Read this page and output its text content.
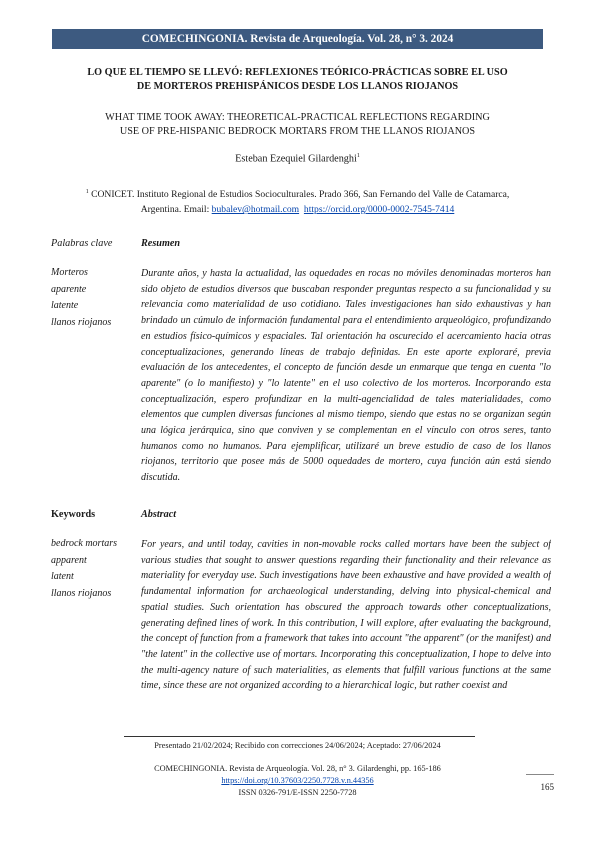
COMECHINGONIA. Revista de Arqueología. Vol. 28, n° 3. 2024
LO QUE EL TIEMPO SE LLEVÓ: REFLEXIONES TEÓRICO-PRÁCTICAS SOBRE EL USO
DE MORTEROS PREHISPÁNICOS DESDE LOS LLANOS RIOJANOS
WHAT TIME TOOK AWAY: THEORETICAL-PRACTICAL REFLECTIONS REGARDING
USE OF PRE-HISPANIC BEDROCK MORTARS FROM THE LLANOS RIOJANOS
Esteban Ezequiel Gilardenghi$^1$
$^1$ CONICET. Instituto Regional de Estudios Socioculturales. Prado 366, San Fernando del Valle de Catamarca,
Argentina. Email: bubalev@hotmail.com https://orcid.org/0000-0002-7545-7414
Palabras clave	Resumen
Morteros
aparente
latente
llanos riojanos
Durante años, y hasta la actualidad, las oquedades en rocas no móviles denominadas morteros han sido objeto de estudios diversos que buscaban responder preguntas respecto a su funcionalidad y su relevancia como materialidad de uso cotidiano. Tales investigaciones han sido exhaustivas y han brindado un cúmulo de información fundamental para el entendimiento arqueológico, profundizando en estudios físico-químicos y espaciales. Tal orientación ha oscurecido el acercamiento hacia otras conceptualizaciones, generando líneas de trabajo definidas. En este aporte exploraré, previa evaluación de los antecedentes, el concepto de función desde un enmarque que tenga en cuenta "lo aparente" (o lo manifiesto) y "lo latente" en el uso colectivo de los morteros. Incorporando esta conceptualización, espero profundizar en la multi-agencialidad de tales materialidades, como elementos que cumplen diversas funciones al mismo tiempo, siendo que estas no se organizan según una lógica jerárquica, sino que conviven y se complementan en el vínculo con otros seres, tanto humanos como no humanos. Para ejemplificar, utilizaré un breve estudio de caso de los llanos riojanos, territorio que posee más de 5000 oquedades de mortero, cuya función aún está siendo discutida.
Keywords	Abstract
bedrock mortars
apparent
latent
llanos riojanos
For years, and until today, cavities in non-movable rocks called mortars have been the subject of various studies that sought to answer questions regarding their functionality and their relevance as materiality for everyday use. Such investigations have been exhaustive and have provided a wealth of fundamental information for archaeological understanding, delving into physical-chemical and spatial studies. Such orientation has obscured the approach towards other conceptualizations, generating defined lines of work. In this contribution, I will explore, after evaluating the background, the concept of function from a framework that takes into account "the apparent" (or the manifest) and "the latent" in the collective use of mortars. Incorporating this conceptualization, I hope to delve into the multi-agency nature of such materialities, as elements that fulfill various functions at the same time, since these are not organized according to a hierarchical logic, but rather coexist and
Presentado 21/02/2024; Recibido con correcciones 24/06/2024; Aceptado: 27/06/2024
COMECHINGONIA. Revista de Arqueología. Vol. 28, n° 3. Gilardenghi, pp. 165-186
https://doi.org/10.37603/2250.7728.v.n.44356
ISSN 0326-791/E-ISSN 2250-7728
165
